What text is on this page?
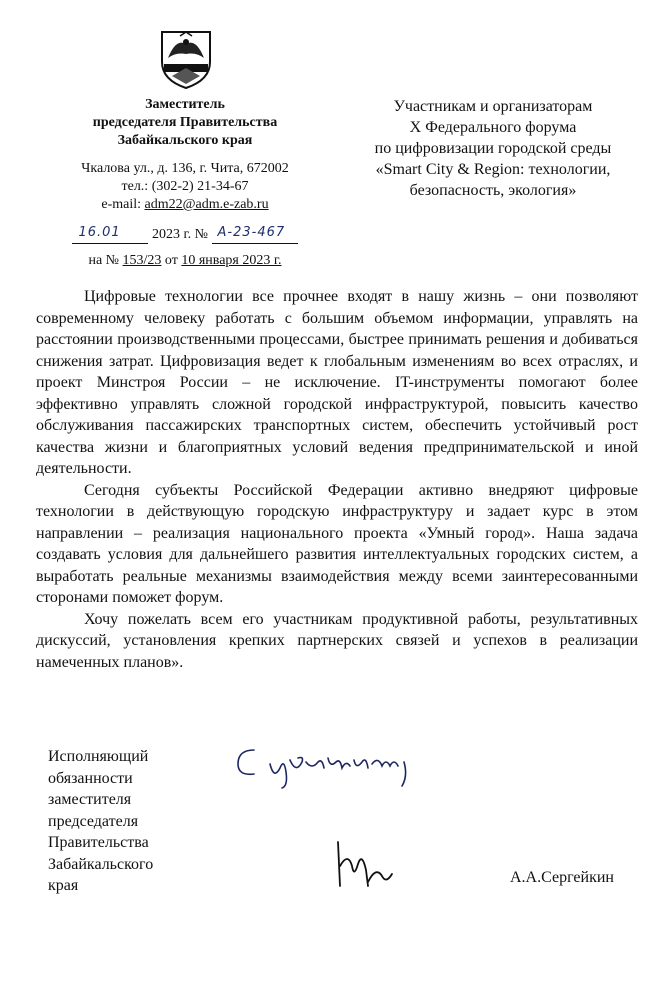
Заместитель
председателя Правительства
Забайкальского края
Чкалова ул., д. 136, г. Чита, 672002
тел.: (302-2) 21-34-67
e-mail: adm22@adm.e-zab.ru
16.01 2023 г. № А-23-467
на № 153/23 от 10 января 2023 г.
Участникам и организаторам
X Федерального форума
по цифровизации городской среды
«Smart City & Region: технологии,
безопасность, экология»

Цифровые технологии все прочнее входят в нашу жизнь – они позволяют современному человеку работать с большим объемом информации, управлять на расстоянии производственными процессами, быстрее принимать решения и добиваться снижения затрат. Цифровизация ведет к глобальным изменениям во всех отраслях, и проект Минстроя России – не исключение. IT-инструменты помогают более эффективно управлять сложной городской инфраструктурой, повысить качество обслуживания пассажирских транспортных систем, обеспечить устойчивый рост качества жизни и благоприятных условий ведения предпринимательской и иной деятельности.

Сегодня субъекты Российской Федерации активно внедряют цифровые технологии в действующую городскую инфраструктуру и задает курс в этом направлении – реализация национального проекта «Умный город». Наша задача создавать условия для дальнейшего развития интеллектуальных городских систем, а выработать реальные механизмы взаимодействия между всеми заинтересованными сторонами поможет форум.

Хочу пожелать всем его участникам продуктивной работы, результативных дискуссий, установления крепких партнерских связей и успехов в реализации намеченных планов».

Исполняющий
обязанности
заместителя
председателя
Правительства
Забайкальского
края	А.А.Сергейкин
